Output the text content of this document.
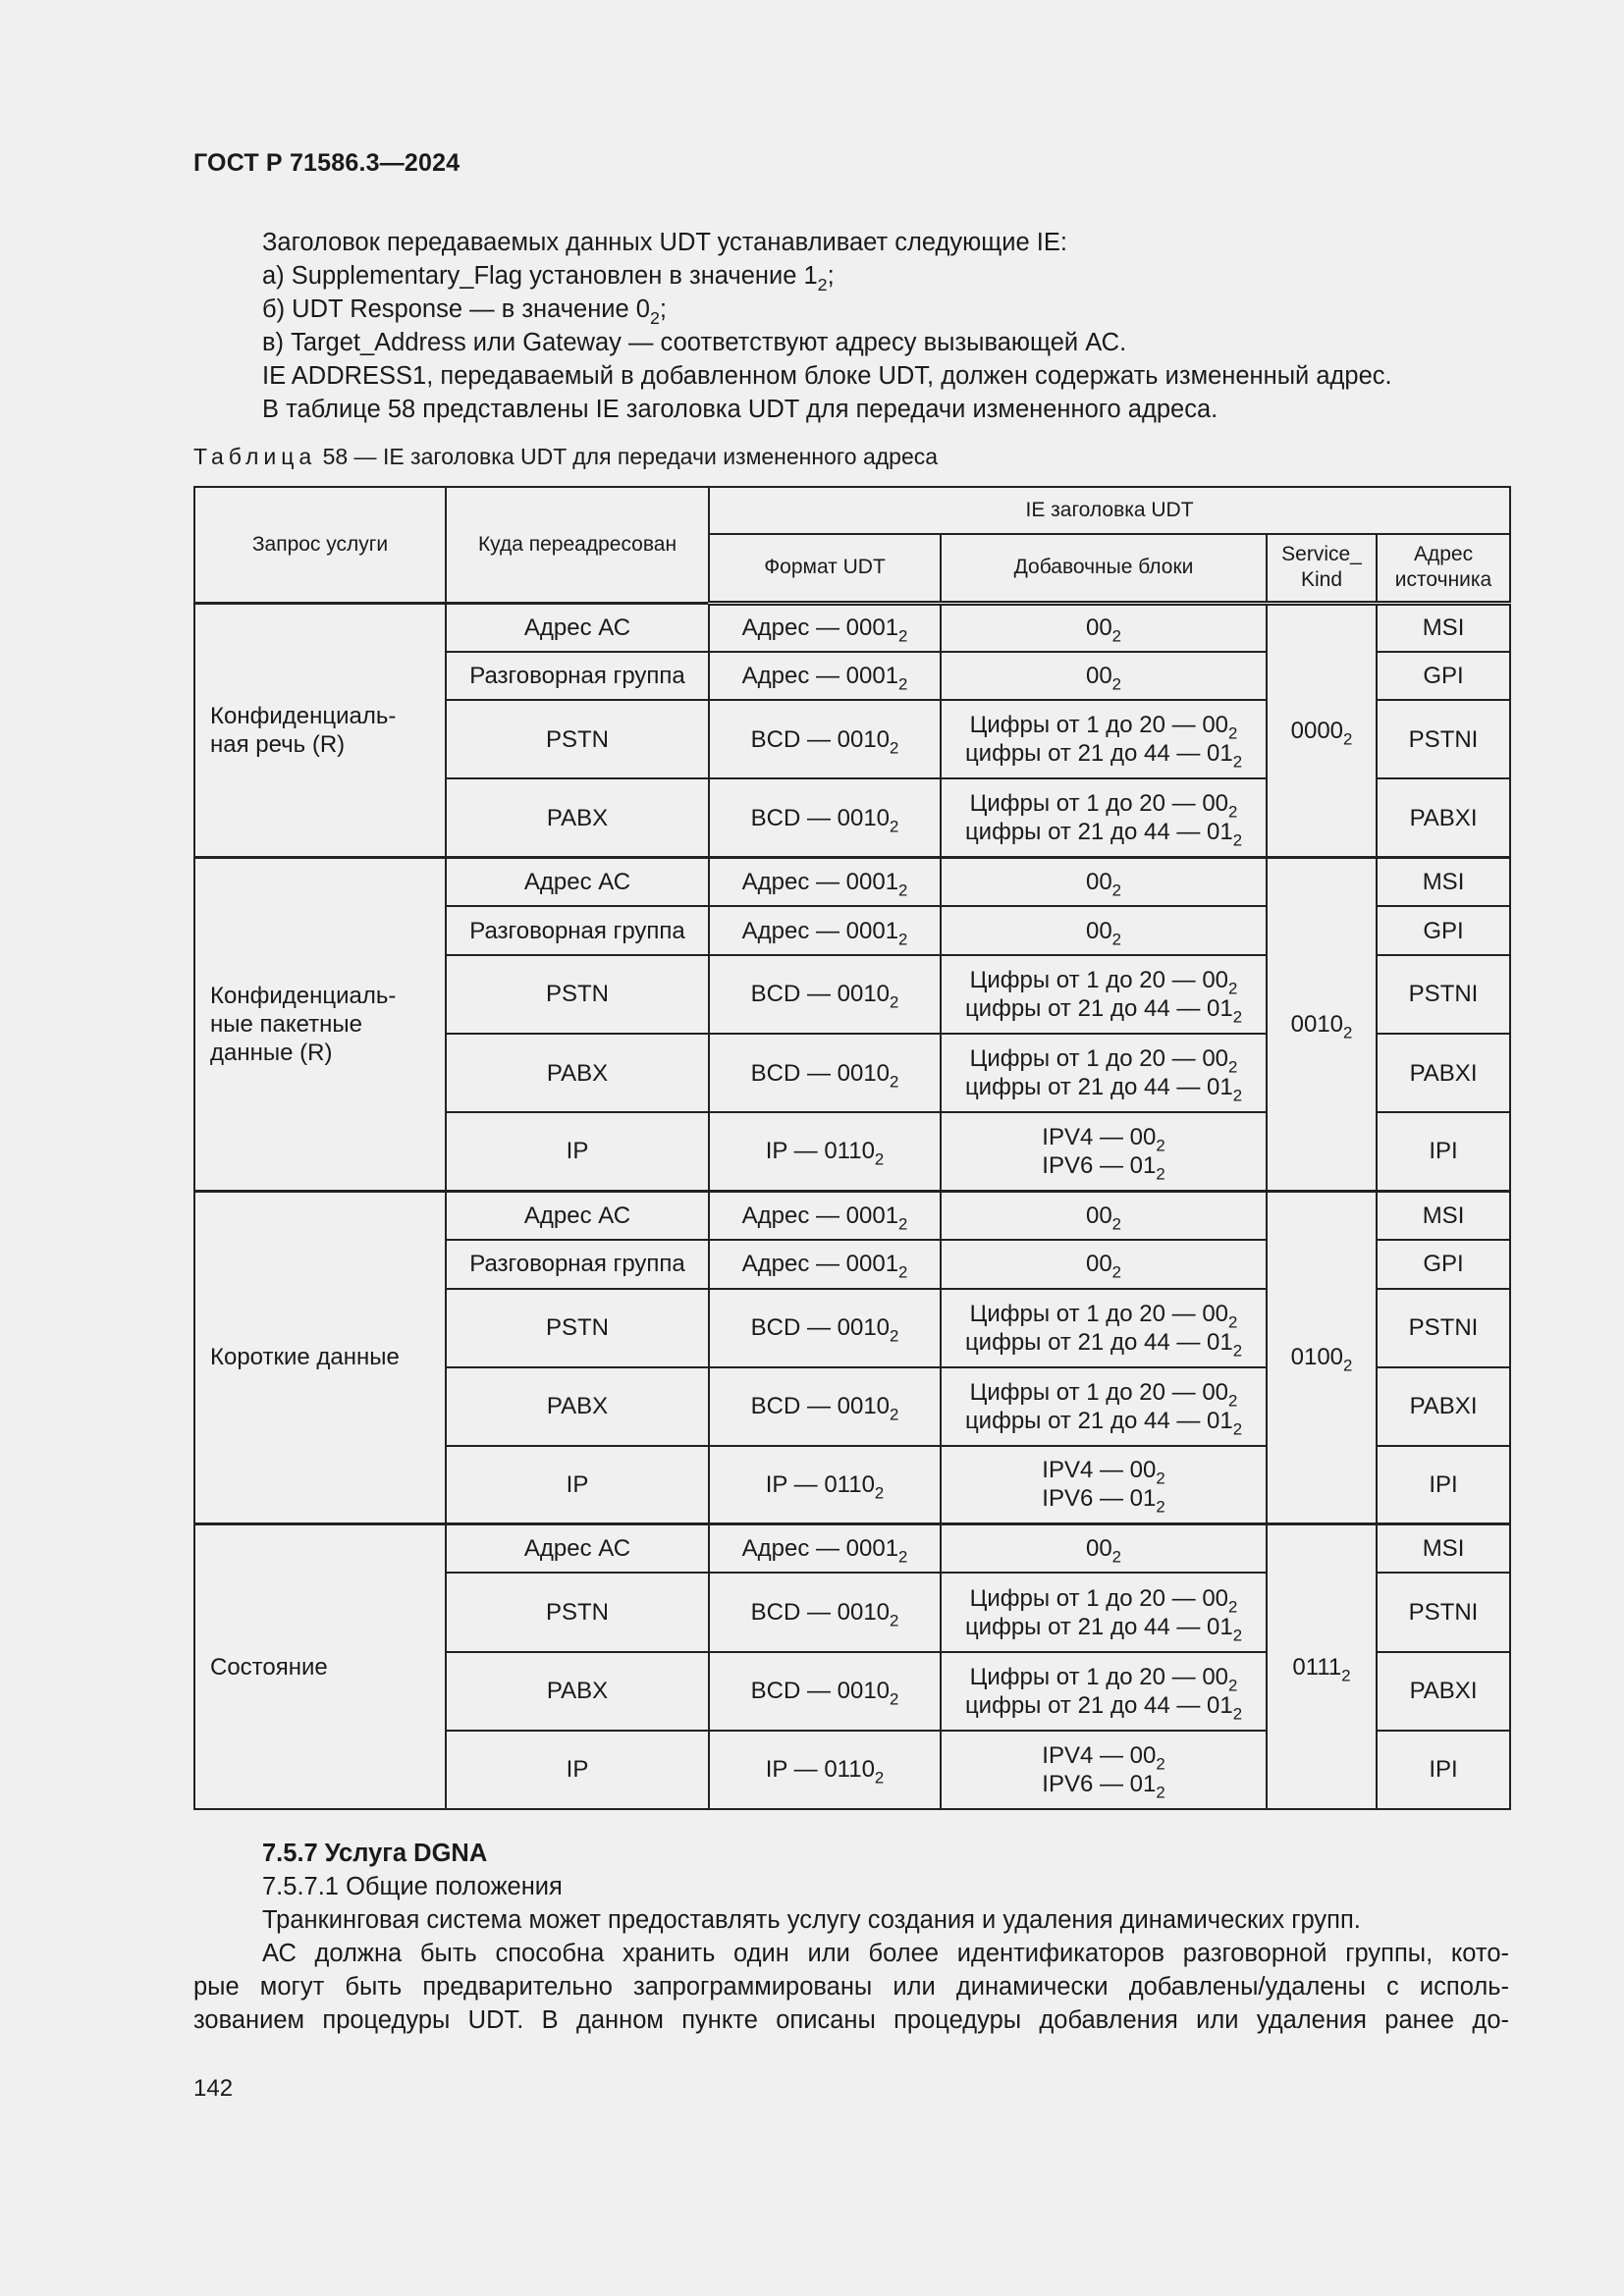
ГОСТ Р 71586.3—2024

Заголовок передаваемых данных UDT устанавливает следующие IE:

а) Supplementary_Flag установлен в значение $1_2$;

б) UDT Response — в значение $0_2$;

в) Target_Address или Gateway — соответствуют адресу вызывающей АС.

IE ADDRESS1, передаваемый в добавленном блоке UDT, должен содержать измененный адрес.

В таблице 58 представлены IE заголовка UDT для передачи измененного адреса.

Таблица 58 — IE заголовка UDT для передачи измененного адреса
Запрос услуги	Куда переадресован	IE заголовка UDT			
		Формат UDT	Добавочные блоки	Service_
Kind	Адрес
источника
Конфиденциаль-
ная речь (R)	Адрес АС	Адрес — $0001_2$	$00_2$	$0000_2$	MSI
	Разговорная группа	Адрес — $0001_2$	$00_2$		GPI
	PSTN	BCD — $0010_2$	Цифры от 1 до 20 — $00_2$
цифры от 21 до 44 — $01_2$		PSTNI
	PABX	BCD — $0010_2$	Цифры от 1 до 20 — $00_2$
цифры от 21 до 44 — $01_2$		PABXI
Конфиденциаль-
ные пакетные
данные (R)	Адрес АС	Адрес — $0001_2$	$00_2$	$0010_2$	MSI
	Разговорная группа	Адрес — $0001_2$	$00_2$		GPI
	PSTN	BCD — $0010_2$	Цифры от 1 до 20 — $00_2$
цифры от 21 до 44 — $01_2$		PSTNI
	PABX	BCD — $0010_2$	Цифры от 1 до 20 — $00_2$
цифры от 21 до 44 — $01_2$		PABXI
	IP	IP — $0110_2$	IPV4 — $00_2$
IPV6 — $01_2$		IPI
Короткие данные	Адрес АС	Адрес — $0001_2$	$00_2$	$0100_2$	MSI
	Разговорная группа	Адрес — $0001_2$	$00_2$		GPI
	PSTN	BCD — $0010_2$	Цифры от 1 до 20 — $00_2$
цифры от 21 до 44 — $01_2$		PSTNI
	PABX	BCD — $0010_2$	Цифры от 1 до 20 — $00_2$
цифры от 21 до 44 — $01_2$		PABXI
	IP	IP — $0110_2$	IPV4 — $00_2$
IPV6 — $01_2$		IPI
Состояние	Адрес АС	Адрес — $0001_2$	$00_2$	$0111_2$	MSI
	PSTN	BCD — $0010_2$	Цифры от 1 до 20 — $00_2$
цифры от 21 до 44 — $01_2$		PSTNI
	PABX	BCD — $0010_2$	Цифры от 1 до 20 — $00_2$
цифры от 21 до 44 — $01_2$		PABXI
	IP	IP — $0110_2$	IPV4 — $00_2$
IPV6 — $01_2$		IPI

7.5.7 Услуга DGNA

7.5.7.1 Общие положения

Транкинговая система может предоставлять услугу создания и удаления динамических групп.

АС должна быть способна хранить один или более идентификаторов разговорной группы, кото-

рые могут быть предварительно запрограммированы или динамически добавлены/удалены с исполь-

зованием процедуры UDT. В данном пункте описаны процедуры добавления или удаления ранее до-

142
